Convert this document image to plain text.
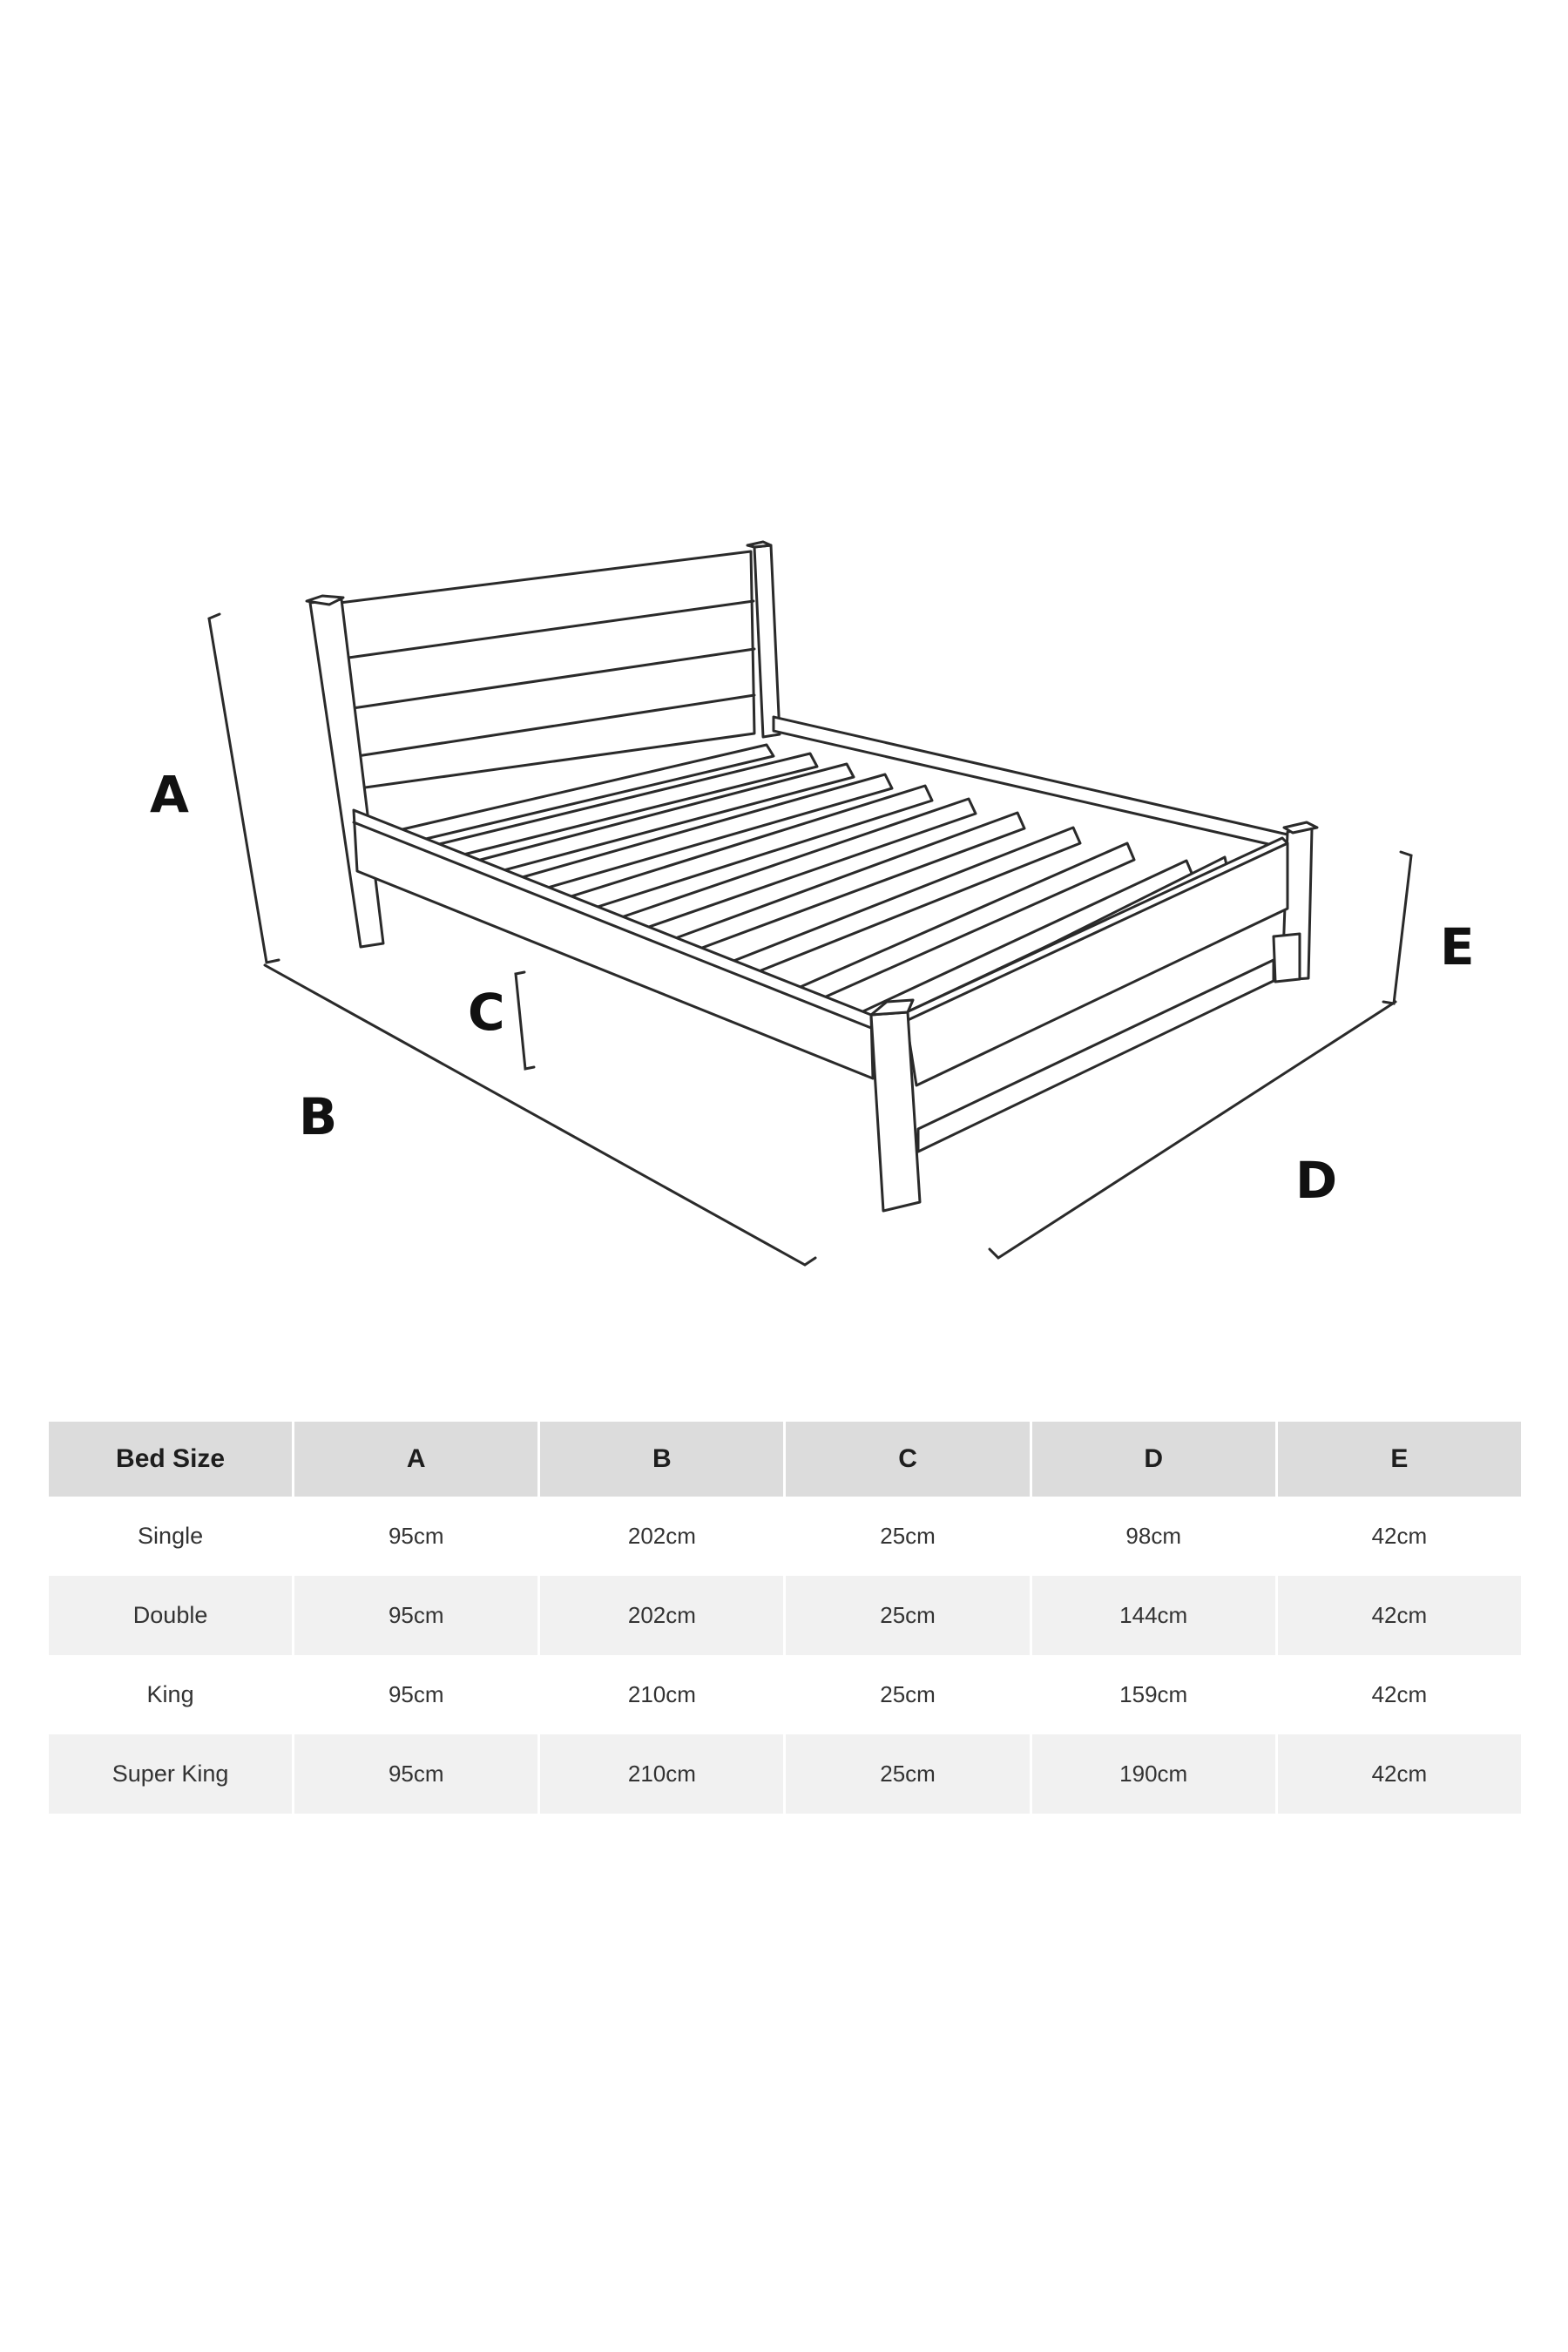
A
B
C
D
E
Bed Size	A	B	C	D	E
Single	95cm	202cm	25cm	98cm	42cm
Double	95cm	202cm	25cm	144cm	42cm
King	95cm	210cm	25cm	159cm	42cm
Super King	95cm	210cm	25cm	190cm	42cm
